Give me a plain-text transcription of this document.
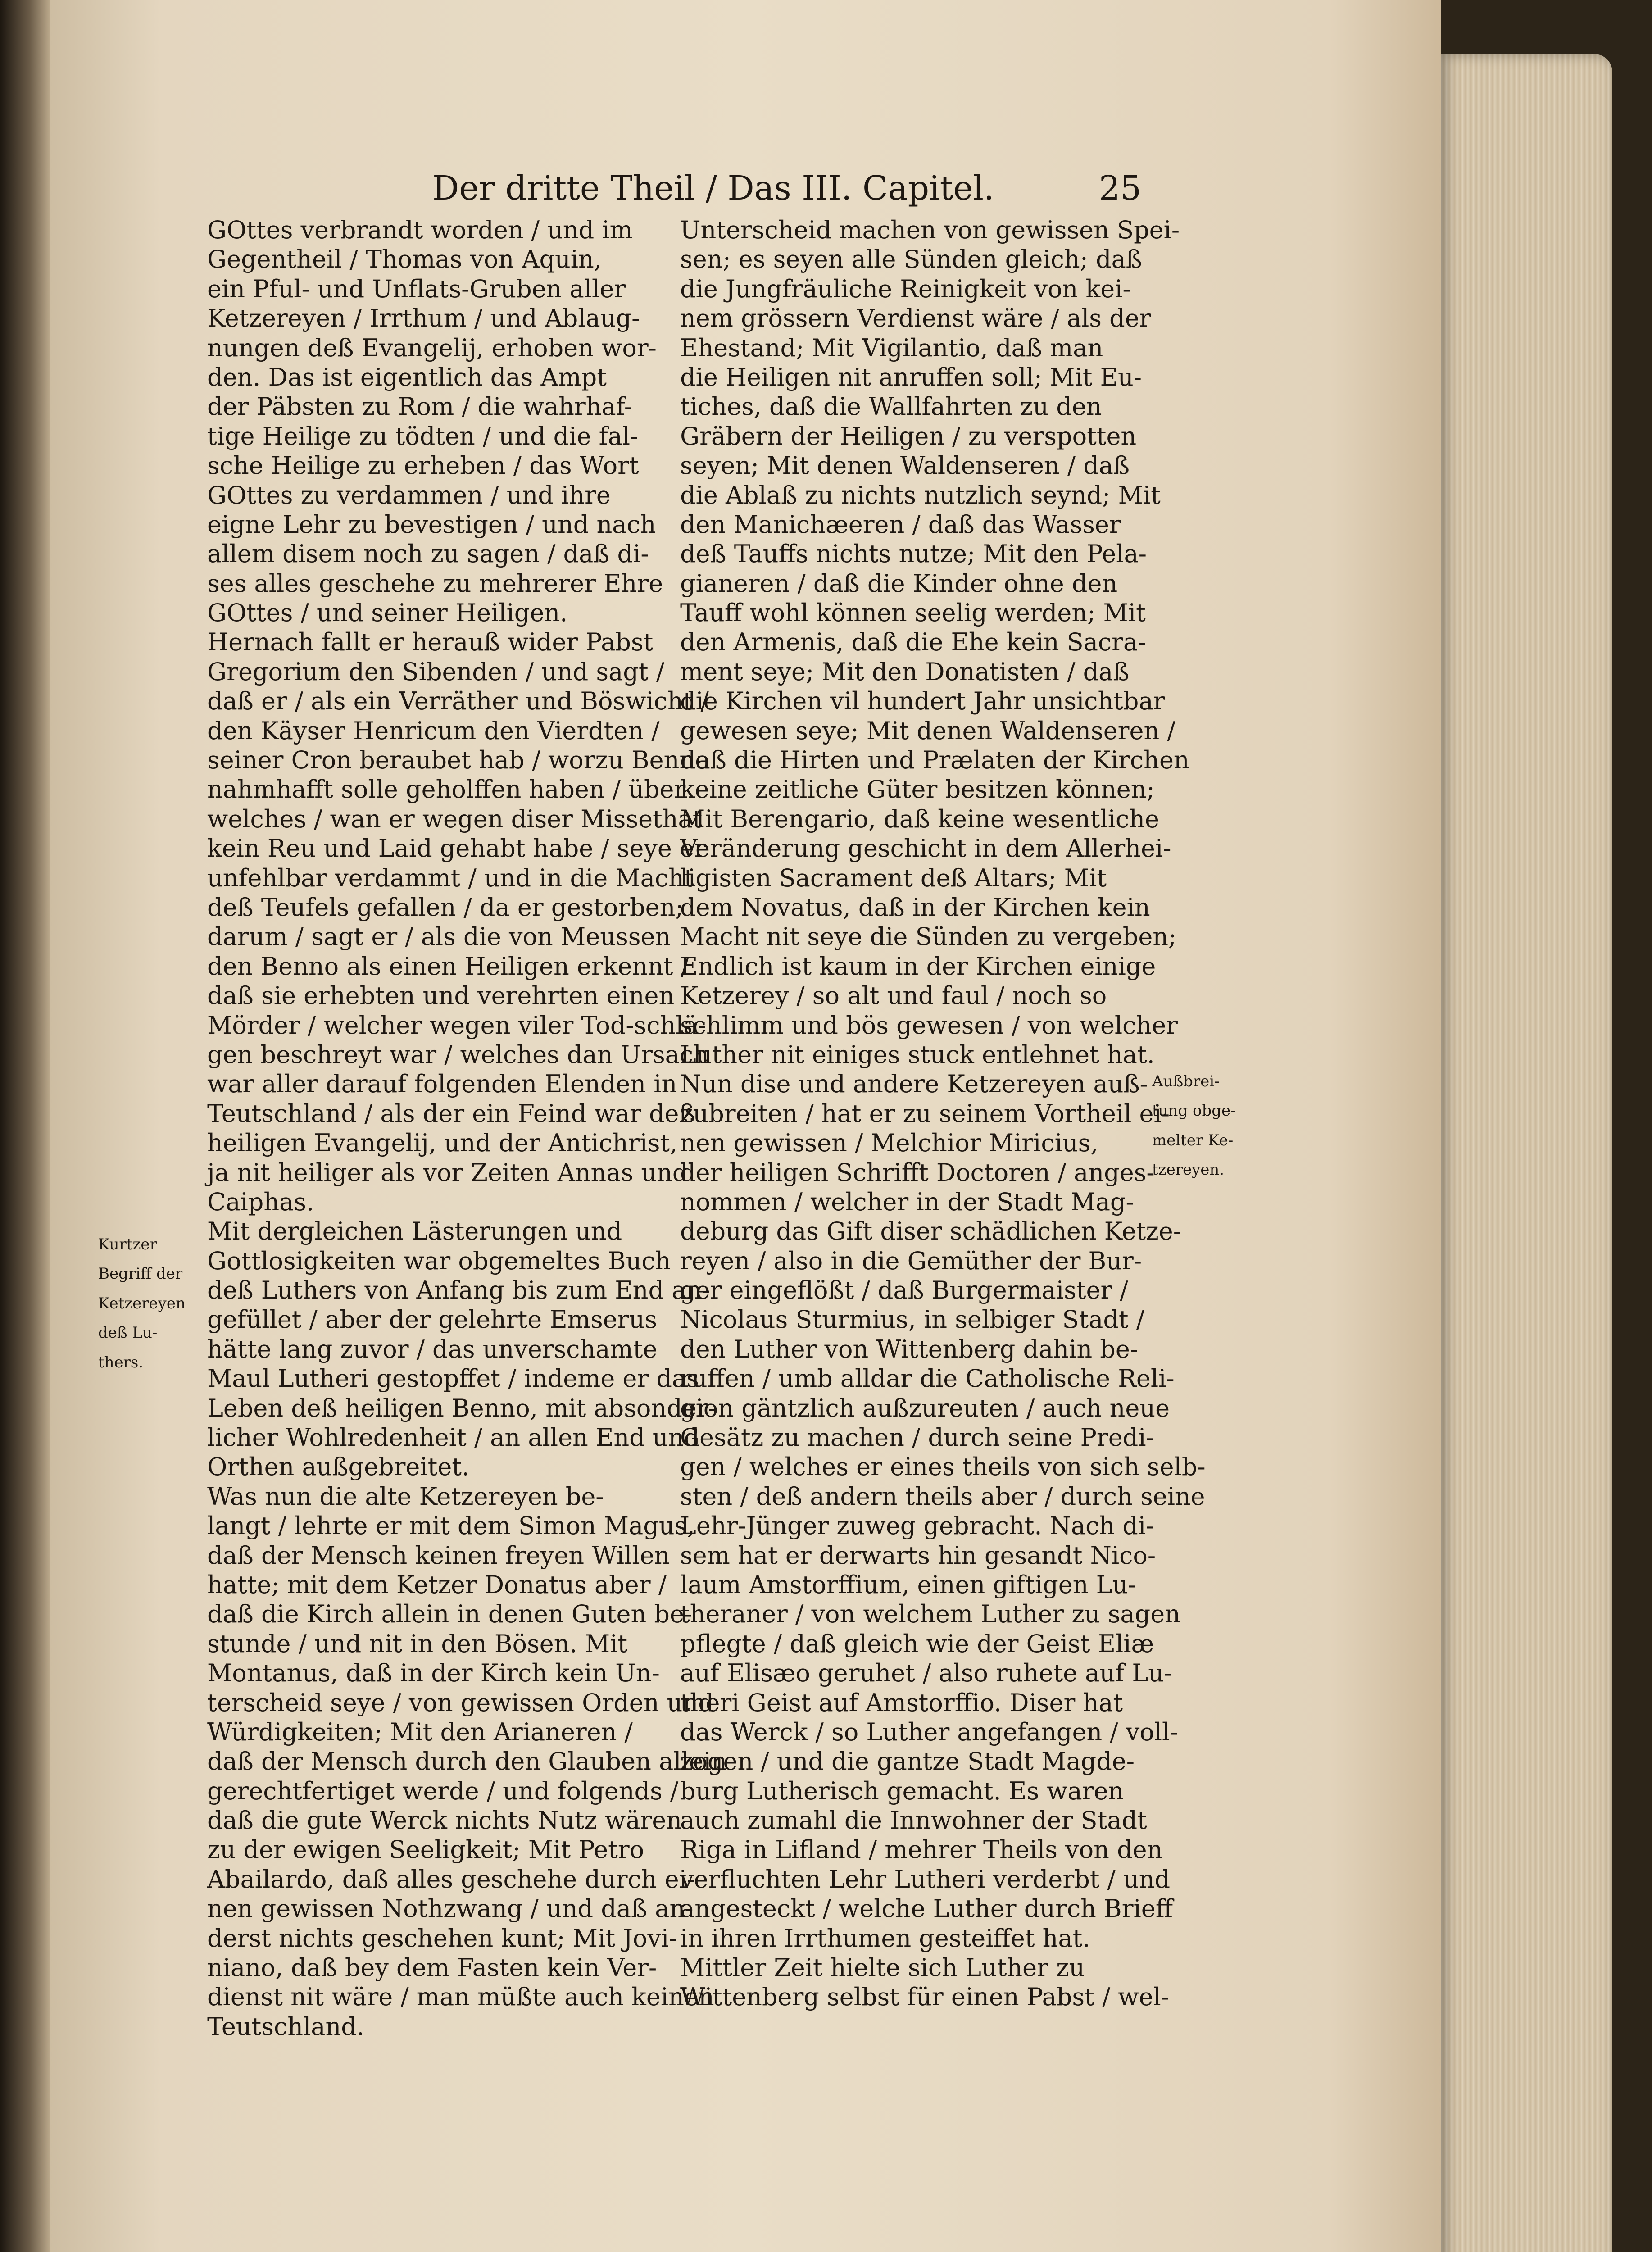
Der dritte Theil / Das III. Capitel.	25
GOttes verbrandt worden / und im
Gegentheil / Thomas von Aquin,
ein Pful- und Unflats-Gruben aller
Ketzereyen / Irrthum / und Ablaug-
nungen deß Evangelij, erhoben wor-
den. Das ist eigentlich das Ampt
der Päbsten zu Rom / die wahrhaf-
tige Heilige zu tödten / und die fal-
sche Heilige zu erheben / das Wort
GOttes zu verdammen / und ihre
eigne Lehr zu bevestigen / und nach
allem disem noch zu sagen / daß di-
ses alles geschehe zu mehrerer Ehre
GOttes / und seiner Heiligen.
Hernach fallt er herauß wider Pabst
Gregorium den Sibenden / und sagt /
daß er / als ein Verräther und Böswicht /
den Käyser Henricum den Vierdten /
seiner Cron beraubet hab / worzu Benno
nahmhafft solle geholffen haben / über
welches / wan er wegen diser Missethat
kein Reu und Laid gehabt habe / seye er
unfehlbar verdammt / und in die Macht
deß Teufels gefallen / da er gestorben;
darum / sagt er / als die von Meussen
den Benno als einen Heiligen erkennt /
daß sie erhebten und verehrten einen
Mörder / welcher wegen viler Tod-schlä-
gen beschreyt war / welches dan Ursach
war aller darauf folgenden Elenden in
Teutschland / als der ein Feind war deß
heiligen Evangelij, und der Antichrist,
ja nit heiliger als vor Zeiten Annas und
Caiphas.
Mit dergleichen Lästerungen und
Gottlosigkeiten war obgemeltes Buch
deß Luthers von Anfang bis zum End an-
gefüllet / aber der gelehrte Emserus
hätte lang zuvor / das unverschamte
Maul Lutheri gestopffet / indeme er das
Leben deß heiligen Benno, mit absonder-
licher Wohlredenheit / an allen End und
Orthen außgebreitet.
Was nun die alte Ketzereyen be-
langt / lehrte er mit dem Simon Magus,
daß der Mensch keinen freyen Willen
hatte; mit dem Ketzer Donatus aber /
daß die Kirch allein in denen Guten be-
stunde / und nit in den Bösen. Mit
Montanus, daß in der Kirch kein Un-
terscheid seye / von gewissen Orden und
Würdigkeiten; Mit den Arianeren /
daß der Mensch durch den Glauben allein
gerechtfertiget werde / und folgends /
daß die gute Werck nichts Nutz wären
zu der ewigen Seeligkeit; Mit Petro
Abailardo, daß alles geschehe durch ei-
nen gewissen Nothzwang / und daß an-
derst nichts geschehen kunt; Mit Jovi-
niano, daß bey dem Fasten kein Ver-
dienst nit wäre / man müßte auch keinen
Teutschland.
Unterscheid machen von gewissen Spei-
sen; es seyen alle Sünden gleich; daß
die Jungfräuliche Reinigkeit von kei-
nem grössern Verdienst wäre / als der
Ehestand; Mit Vigilantio, daß man
die Heiligen nit anruffen soll; Mit Eu-
tiches, daß die Wallfahrten zu den
Gräbern der Heiligen / zu verspotten
seyen; Mit denen Waldenseren / daß
die Ablaß zu nichts nutzlich seynd; Mit
den Manichæeren / daß das Wasser
deß Tauffs nichts nutze; Mit den Pela-
gianeren / daß die Kinder ohne den
Tauff wohl können seelig werden; Mit
den Armenis, daß die Ehe kein Sacra-
ment seye; Mit den Donatisten / daß
die Kirchen vil hundert Jahr unsichtbar
gewesen seye; Mit denen Waldenseren /
daß die Hirten und Prælaten der Kirchen
keine zeitliche Güter besitzen können;
Mit Berengario, daß keine wesentliche
Veränderung geschicht in dem Allerhei-
ligisten Sacrament deß Altars; Mit
dem Novatus, daß in der Kirchen kein
Macht nit seye die Sünden zu vergeben;
Endlich ist kaum in der Kirchen einige
Ketzerey / so alt und faul / noch so
schlimm und bös gewesen / von welcher
Luther nit einiges stuck entlehnet hat.
Nun dise und andere Ketzereyen auß-
zubreiten / hat er zu seinem Vortheil ei-
nen gewissen / Melchior Miricius,
der heiligen Schrifft Doctoren / anges-
nommen / welcher in der Stadt Mag-
deburg das Gift diser schädlichen Ketze-
reyen / also in die Gemüther der Bur-
ger eingeflößt / daß Burgermaister /
Nicolaus Sturmius, in selbiger Stadt /
den Luther von Wittenberg dahin be-
ruffen / umb alldar die Catholische Reli-
gion gäntzlich außzureuten / auch neue
Gesätz zu machen / durch seine Predi-
gen / welches er eines theils von sich selb-
sten / deß andern theils aber / durch seine
Lehr-Jünger zuweg gebracht. Nach di-
sem hat er derwarts hin gesandt Nico-
laum Amstorffium, einen giftigen Lu-
theraner / von welchem Luther zu sagen
pflegte / daß gleich wie der Geist Eliæ
auf Elisæo geruhet / also ruhete auf Lu-
theri Geist auf Amstorffio. Diser hat
das Werck / so Luther angefangen / voll-
zogen / und die gantze Stadt Magde-
burg Lutherisch gemacht. Es waren
auch zumahl die Innwohner der Stadt
Riga in Lifland / mehrer Theils von den
verfluchten Lehr Lutheri verderbt / und
angesteckt / welche Luther durch Brieff
in ihren Irrthumen gesteiffet hat.
Mittler Zeit hielte sich Luther zu
Wittenberg selbst für einen Pabst / wel-
Kurtzer
Begriff der
Ketzereyen
deß Lu-
thers.
Außbrei-
tung obge-
melter Ke-
tzereyen.
